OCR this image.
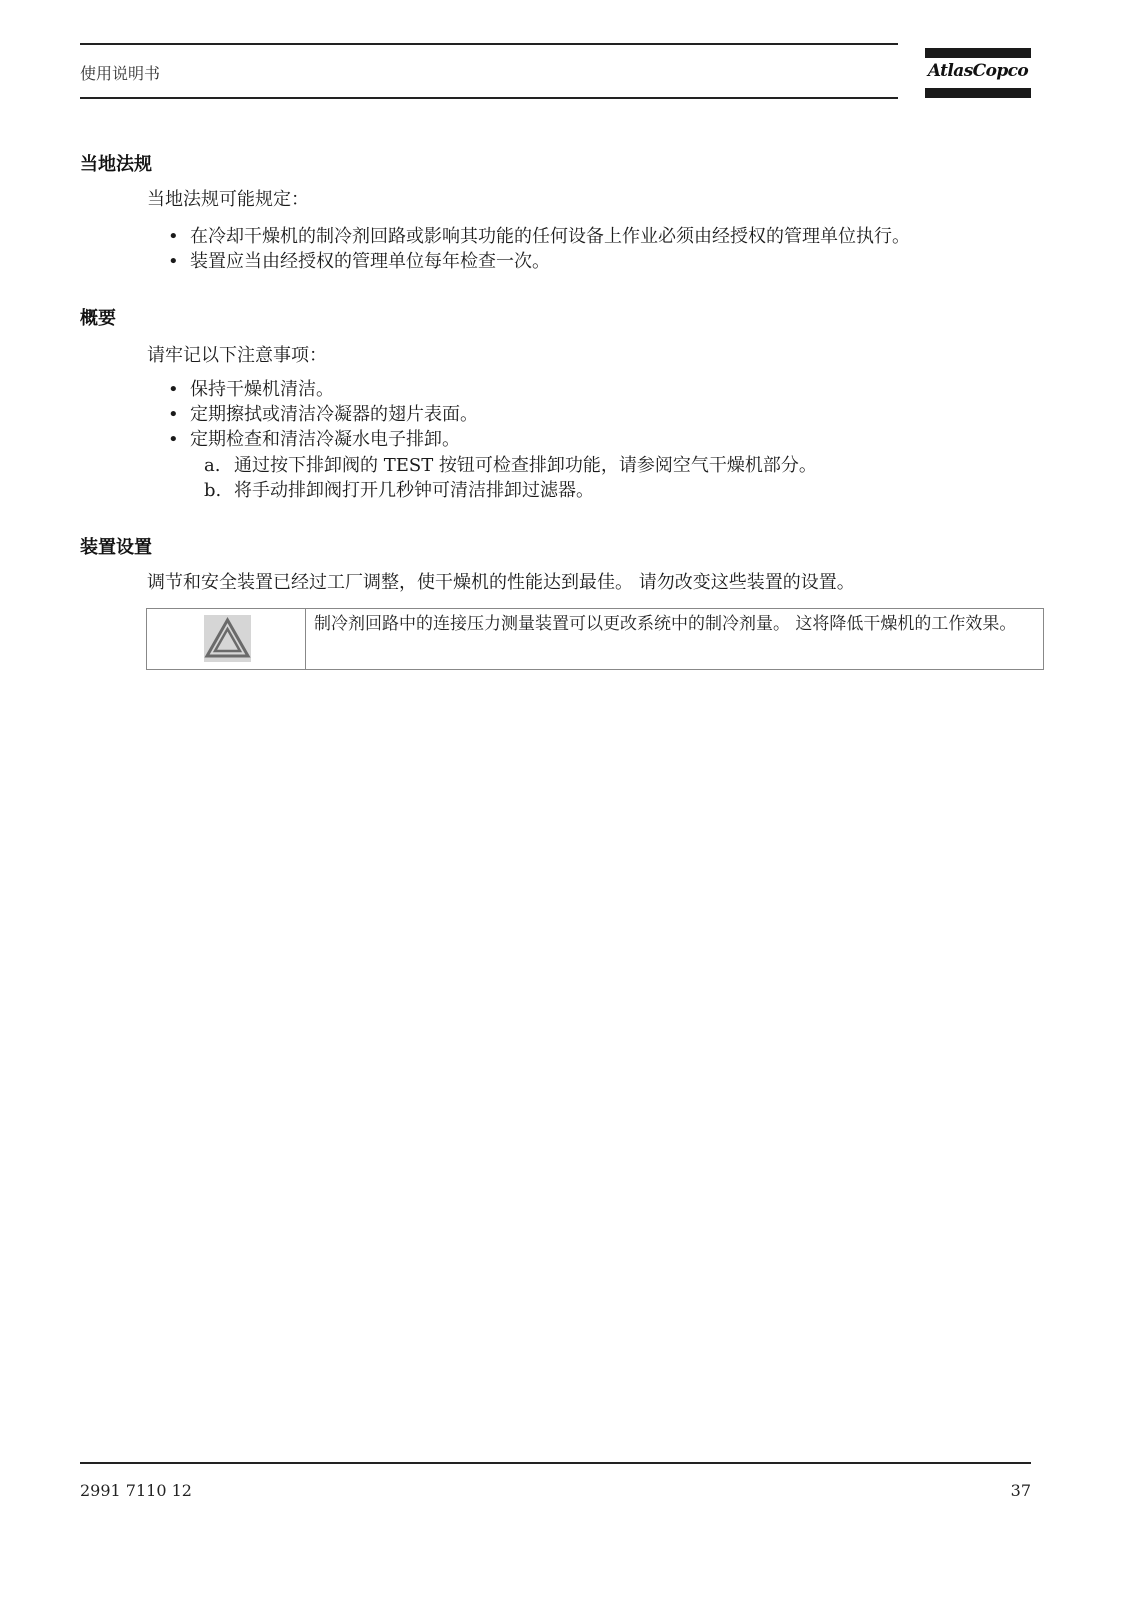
使用说明书	AtlasCopco
当地法规
当地法规可能规定：
• 在冷却干燥机的制冷剂回路或影响其功能的任何设备上作业必须由经授权的管理单位执行。
• 装置应当由经授权的管理单位每年检查一次。
概要
请牢记以下注意事项：
• 保持干燥机清洁。
• 定期擦拭或清洁冷凝器的翅片表面。
• 定期检查和清洁冷凝水电子排卸。
a. 通过按下排卸阀的 TEST 按钮可检查排卸功能，请参阅空气干燥机部分。
b. 将手动排卸阀打开几秒钟可清洁排卸过滤器。
装置设置
调节和安全装置已经过工厂调整，使干燥机的性能达到最佳。 请勿改变这些装置的设置。
制冷剂回路中的连接压力测量装置可以更改系统中的制冷剂量。 这将降低干燥机的工作效果。
2991 7110 12	37
